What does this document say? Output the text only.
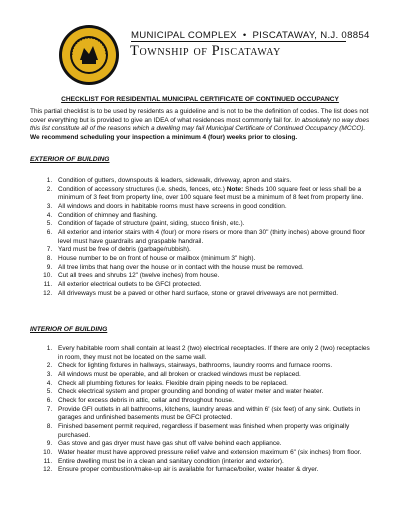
MUNICIPAL COMPLEX • PISCATAWAY, N.J. 08854
Township of Piscataway
CHECKLIST FOR RESIDENTIAL MUNICIPAL CERTIFICATE OF CONTINUED OCCUPANCY
This partial checklist is to be used by residents as a guideline and is not to be the definition of codes. The list does not cover everything but is provided to give an IDEA of what residences most commonly fail for. In absolutely no way does this list constitute all of the reasons which a dwelling may fail Municipal Certificate of Continued Occupancy (MCCO). We recommend scheduling your inspection a minimum 4 (four) weeks prior to closing.
EXTERIOR OF BUILDING
1. Condition of gutters, downspouts & leaders, sidewalk, driveway, apron and stairs.
2. Condition of accessory structures (i.e. sheds, fences, etc.) Note: Sheds 100 square feet or less shall be a minimum of 3 feet from property line, over 100 square feet must be a minimum of 8 feet from property line.
3. All windows and doors in habitable rooms must have screens in good condition.
4. Condition of chimney and flashing.
5. Condition of façade of structure (paint, siding, stucco finish, etc.).
6. All exterior and interior stairs with 4 (four) or more risers or more than 30" (thirty inches) above ground floor level must have guardrails and graspable handrail.
7. Yard must be free of debris (garbage/rubbish).
8. House number to be on front of house or mailbox (minimum 3" high).
9. All tree limbs that hang over the house or in contact with the house must be removed.
10. Cut all trees and shrubs 12" (twelve inches) from house.
11. All exterior electrical outlets to be GFCI protected.
12. All driveways must be a paved or other hard surface, stone or gravel driveways are not permitted.
INTERIOR OF BUILDING
1. Every habitable room shall contain at least 2 (two) electrical receptacles. If there are only 2 (two) receptacles in room, they must not be located on the same wall.
2. Check for lighting fixtures in hallways, stairways, bathrooms, laundry rooms and furnace rooms.
3. All windows must be operable, and all broken or cracked windows must be replaced.
4. Check all plumbing fixtures for leaks. Flexible drain piping needs to be replaced.
5. Check electrical system and proper grounding and bonding of water meter and water heater.
6. Check for excess debris in attic, cellar and throughout house.
7. Provide GFI outlets in all bathrooms, kitchens, laundry areas and within 6' (six feet) of any sink. Outlets in garages and unfinished basements must be GFCI protected.
8. Finished basement permit required, regardless if basement was finished when property was originally purchased.
9. Gas stove and gas dryer must have gas shut off valve behind each appliance.
10. Water heater must have approved pressure relief valve and extension maximum 6" (six inches) from floor.
11. Entire dwelling must be in a clean and sanitary condition (interior and exterior).
12. Ensure proper combustion/make-up air is available for furnace/boiler, water heater & dryer.
